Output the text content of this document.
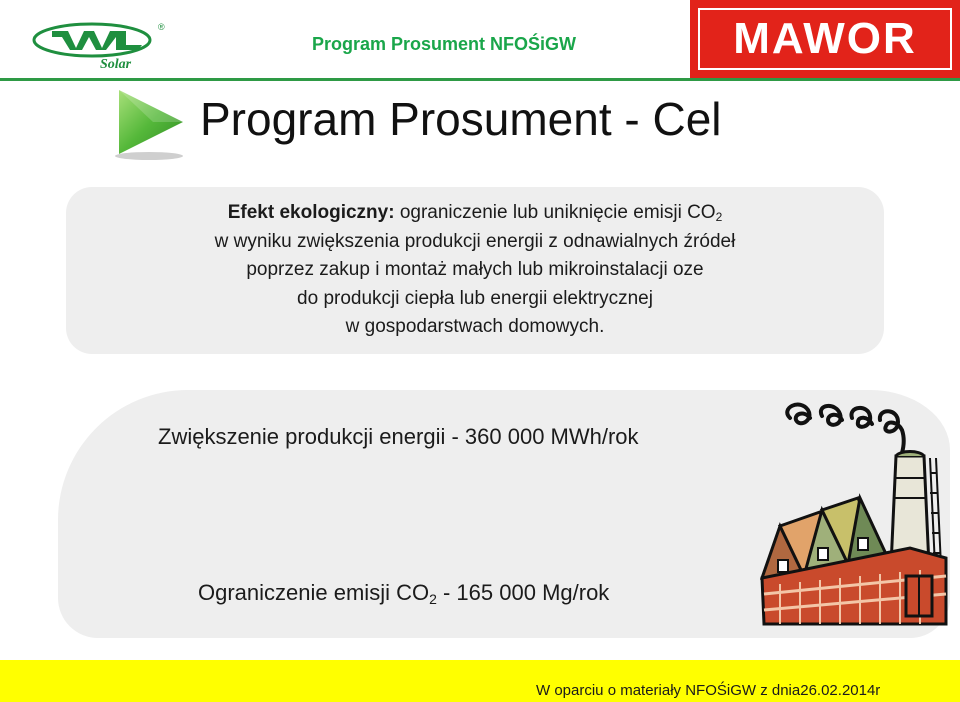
®
Solar
Program Prosument NFOŚiGW	MAWOR
Program Prosument - Cel
Efekt ekologiczny: ograniczenie lub uniknięcie emisji $CO_2$
w wyniku zwiększenia produkcji energii z odnawialnych źródeł
poprzez zakup i montaż małych lub mikroinstalacji oze
do produkcji ciepła lub energii elektrycznej
w gospodarstwach domowych.
Zwiększenie produkcji energii - 360 000 MWh/rok
Ograniczenie emisji $CO_2 - 165$ 000 Mg/rok
W oparciu o materiały NFOŚiGW z dnia26.02.2014r
